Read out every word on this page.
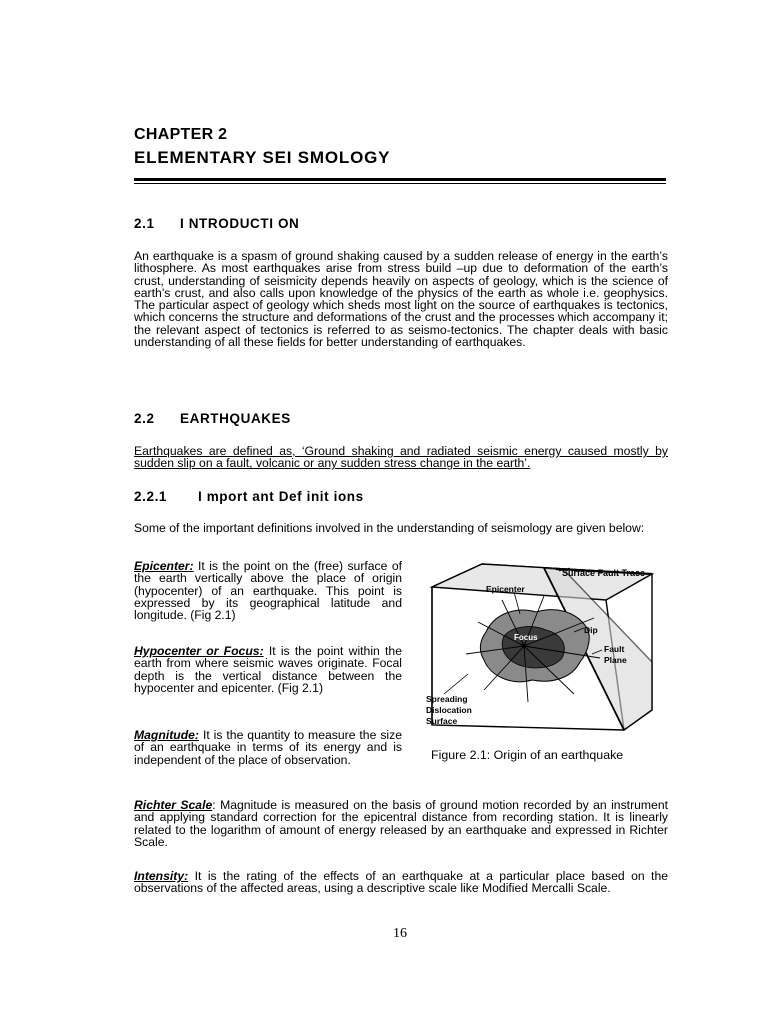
CHAPTER 2
ELEMENTARY SEI SMOLOGY
2.1 I NTRODUCTI ON
An earthquake is a spasm of ground shaking caused by a sudden release of energy in the earth’s lithosphere. As most earthquakes arise from stress build –up due to deformation of the earth’s crust, understanding of seismicity depends heavily on aspects of geology, which is the science of earth’s crust, and also calls upon knowledge of the physics of the earth as whole i.e. geophysics. The particular aspect of geology which sheds most light on the source of earthquakes is tectonics, which concerns the structure and deformations of the crust and the processes which accompany it; the relevant aspect of tectonics is referred to as seismo-tectonics. The chapter deals with basic understanding of all these fields for better understanding of earthquakes.
2.2 EARTHQUAKES
Earthquakes are defined as, ‘Ground shaking and radiated seismic energy caused mostly by sudden slip on a fault, volcanic or any sudden stress change in the earth’.
2.2.1 I mport ant Def init ions
Some of the important definitions involved in the understanding of seismology are given below:
Epicenter: It is the point on the (free) surface of the earth vertically above the place of origin (hypocenter) of an earthquake. This point is expressed by its geographical latitude and longitude. (Fig 2.1)
Hypocenter or Focus: It is the point within the earth from where seismic waves originate. Focal depth is the vertical distance between the hypocenter and epicenter. (Fig 2.1)
Magnitude: It is the quantity to measure the size of an earthquake in terms of its energy and is independent of the place of observation.
Surface Fault Trace
Epicenter
Dip
Focus
Fault
Plane
Spreading
Dislocation
Surface
Figure 2.1: Origin of an earthquake
Richter Scale: Magnitude is measured on the basis of ground motion recorded by an instrument and applying standard correction for the epicentral distance from recording station. It is linearly related to the logarithm of amount of energy released by an earthquake and expressed in Richter Scale.
Intensity: It is the rating of the effects of an earthquake at a particular place based on the observations of the affected areas, using a descriptive scale like Modified Mercalli Scale.
16
